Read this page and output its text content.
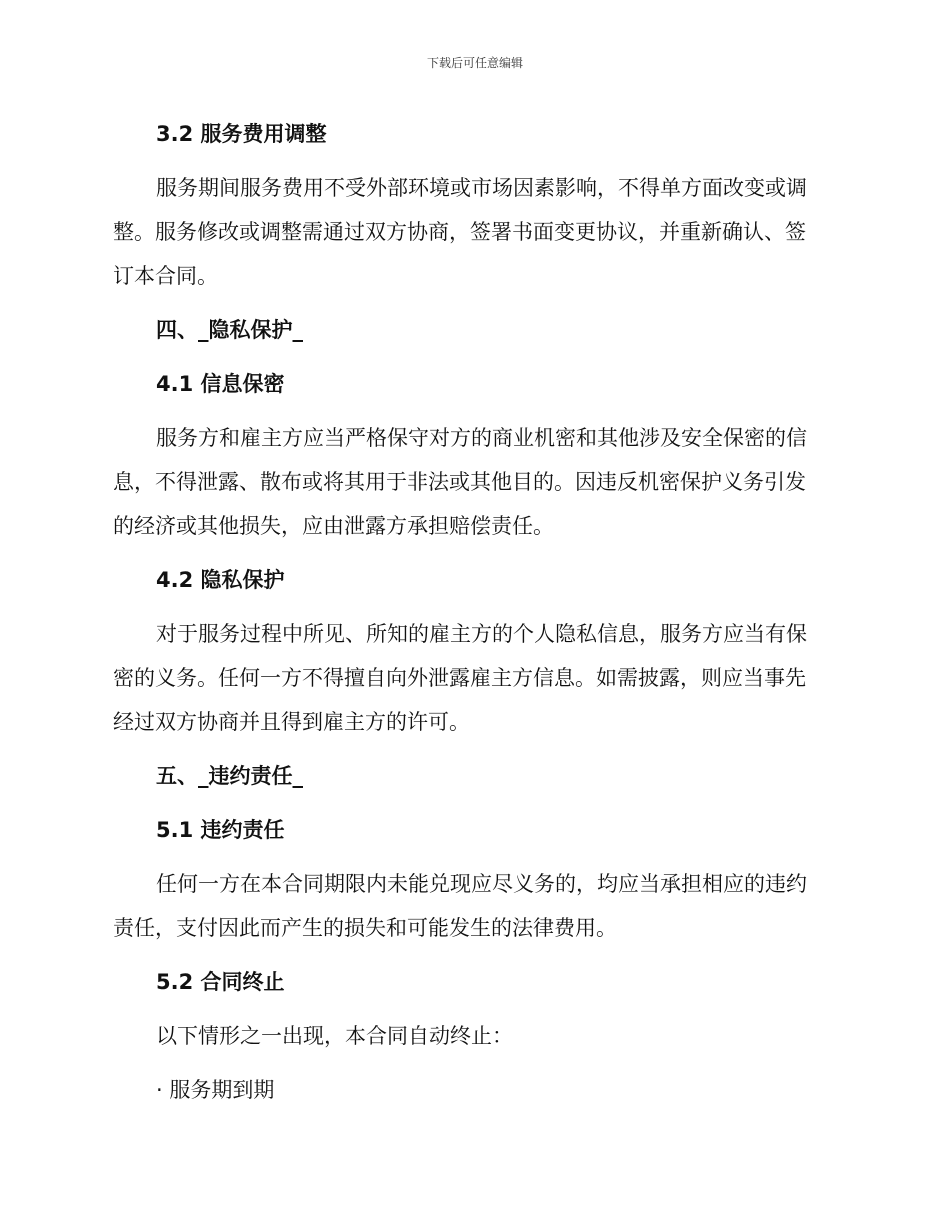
下载后可任意编辑
3.2 服务费用调整
服务期间服务费用不受外部环境或市场因素影响，不得单方面改变或调
整。服务修改或调整需通过双方协商，签署书面变更协议，并重新确认、签
订本合同。
四、_隐私保护_
4.1 信息保密
服务方和雇主方应当严格保守对方的商业机密和其他涉及安全保密的信
息，不得泄露、散布或将其用于非法或其他目的。因违反机密保护义务引发
的经济或其他损失，应由泄露方承担赔偿责任。
4.2 隐私保护
对于服务过程中所见、所知的雇主方的个人隐私信息，服务方应当有保
密的义务。任何一方不得擅自向外泄露雇主方信息。如需披露，则应当事先
经过双方协商并且得到雇主方的许可。
五、_违约责任_
5.1 违约责任
任何一方在本合同期限内未能兑现应尽义务的，均应当承担相应的违约
责任，支付因此而产生的损失和可能发生的法律费用。
5.2 合同终止
以下情形之一出现，本合同自动终止：
· 服务期到期
